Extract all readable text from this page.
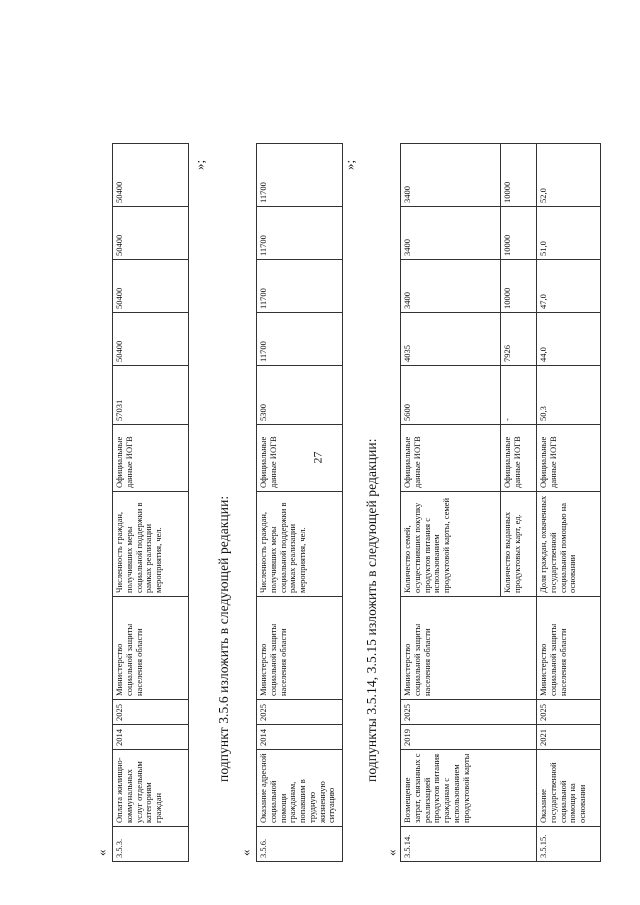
27
« 3.5.3.	Оплата жилищно-коммунальных услуг отдельным категориям граждан	2014	2025	Министерство социальной защиты населения области	Численность граждан, получивших меры социальной поддержки в рамках реализации мероприятия, чел.	Официальные данные ИОГВ	57031	50400	50400	50400	50400
»;
подпункт 3.5.6 изложить в следующей редакции:
« 3.5.6.	Оказание адресной социальной помощи гражданам, попавшим в трудную жизненную ситуацию	2014	2025	Министерство социальной защиты населения области	Численность граждан, получивших меры социальной поддержки в рамках реализации мероприятия, чел.	Официальные данные ИОГВ	5300	11700	11700	11700	11700
»;
подпункты 3.5.14, 3.5.15 изложить в следующей редакции:
« 3.5.14.	Возмещение затрат, связанных с реализацией продуктов питания гражданам с использованием продуктовой карты	2019	2025	Министерство социальной защиты населения области	Количество семей, осуществивших покупку продуктов питания с использованием продуктовой карты, семей	Официальные данные ИОГВ	5600	4035	3400	3400	3400
					Количество выданных продуктовых карт, ед.	Официальные данные ИОГВ	-	7926	10000	10000	10000
3.5.15.	Оказание государственной социальной помощи на основании	2021	2025	Министерство социальной защиты населения области	Доля граждан, охваченных государственной социальной помощью на основании	Официальные данные ИОГВ	50,3	44,0	47,0	51,0	52,0
